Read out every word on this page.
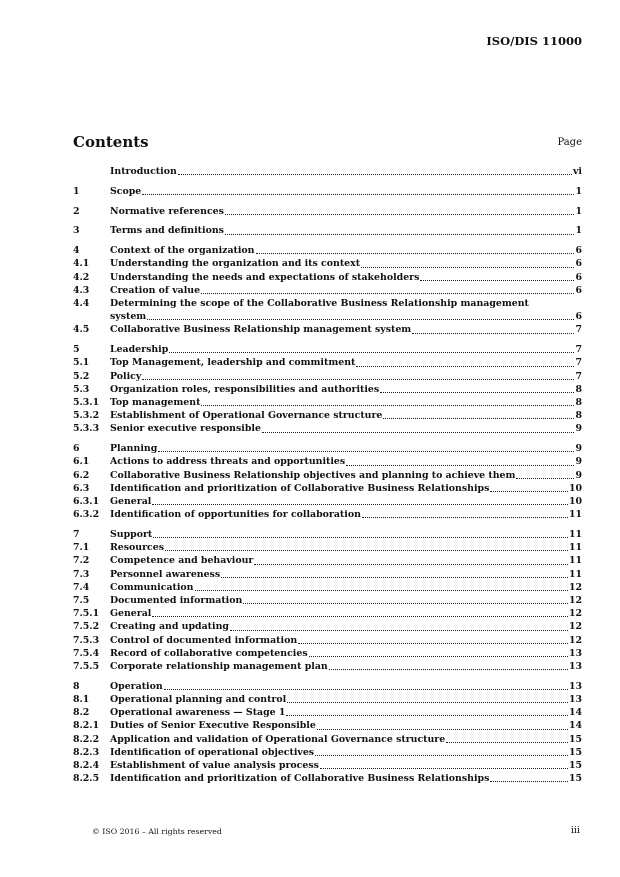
ISO/DIS 11000
Contents	Page
Introduction	vi
1	Scope	1
2	Normative references	1
3	Terms and definitions	1
4	Context of the organization	6
4.1	Understanding the organization and its context	6
4.2	Understanding the needs and expectations of stakeholders	6
4.3	Creation of value	6
4.4	Determining the scope of the Collaborative Business Relationship management
system	6
4.5	Collaborative Business Relationship management system	7
5	Leadership	7
5.1	Top Management, leadership and commitment	7
5.2	Policy	7
5.3	Organization roles, responsibilities and authorities	8
5.3.1	Top management	8
5.3.2	Establishment of Operational Governance structure	8
5.3.3	Senior executive responsible	9
6	Planning	9
6.1	Actions to address threats and opportunities	9
6.2	Collaborative Business Relationship objectives and planning to achieve them	9
6.3	Identification and prioritization of Collaborative Business Relationships	10
6.3.1	General	10
6.3.2	Identification of opportunities for collaboration	11
7	Support	11
7.1	Resources	11
7.2	Competence and behaviour	11
7.3	Personnel awareness	11
7.4	Communication	12
7.5	Documented information	12
7.5.1	General	12
7.5.2	Creating and updating	12
7.5.3	Control of documented information	12
7.5.4	Record of collaborative competencies	13
7.5.5	Corporate relationship management plan	13
8	Operation	13
8.1	Operational planning and control	13
8.2	Operational awareness — Stage 1	14
8.2.1	Duties of Senior Executive Responsible	14
8.2.2	Application and validation of Operational Governance structure	15
8.2.3	Identification of operational objectives	15
8.2.4	Establishment of value analysis process	15
8.2.5	Identification and prioritization of Collaborative Business Relationships	15
© ISO 2016 – All rights reserved	iii
